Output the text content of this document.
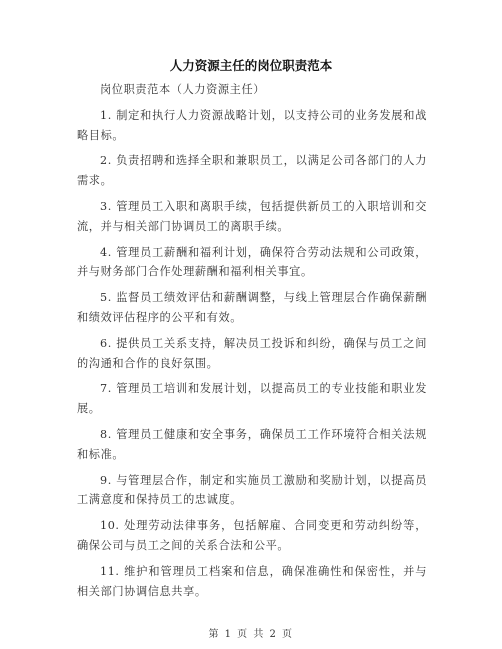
人力资源主任的岗位职责范本

岗位职责范本（人力资源主任）

1. 制定和执行人力资源战略计划，以支持公司的业务发展和战略目标。

2. 负责招聘和选择全职和兼职员工，以满足公司各部门的人力需求。

3. 管理员工入职和离职手续，包括提供新员工的入职培训和交流，并与相关部门协调员工的离职手续。

4. 管理员工薪酬和福利计划，确保符合劳动法规和公司政策，并与财务部门合作处理薪酬和福利相关事宜。

5. 监督员工绩效评估和薪酬调整，与线上管理层合作确保薪酬和绩效评估程序的公平和有效。

6. 提供员工关系支持，解决员工投诉和纠纷，确保与员工之间的沟通和合作的良好氛围。

7. 管理员工培训和发展计划，以提高员工的专业技能和职业发展。

8. 管理员工健康和安全事务，确保员工工作环境符合相关法规和标准。

9. 与管理层合作，制定和实施员工激励和奖励计划，以提高员工满意度和保持员工的忠诚度。

10. 处理劳动法律事务，包括解雇、合同变更和劳动纠纷等，确保公司与员工之间的关系合法和公平。

11. 维护和管理员工档案和信息，确保准确性和保密性，并与相关部门协调信息共享。

第 1 页 共 2 页
